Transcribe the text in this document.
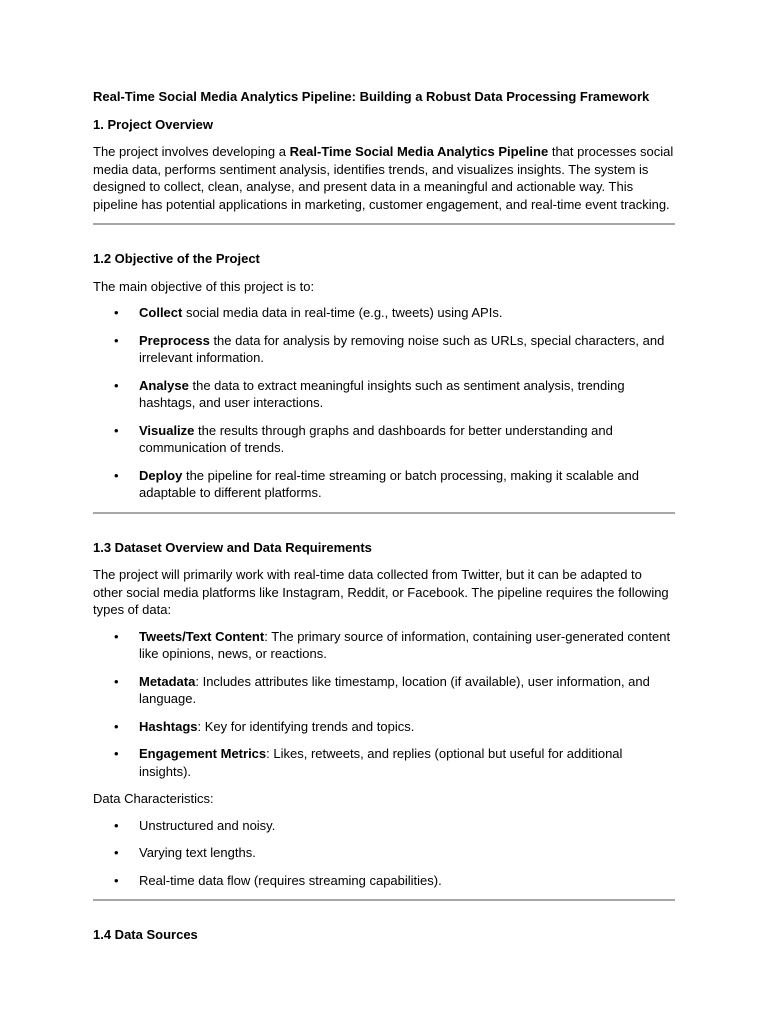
Real-Time Social Media Analytics Pipeline: Building a Robust Data Processing Framework

1. Project Overview

The project involves developing a Real-Time Social Media Analytics Pipeline that processes social media data, performs sentiment analysis, identifies trends, and visualizes insights. The system is designed to collect, clean, analyse, and present data in a meaningful and actionable way. This pipeline has potential applications in marketing, customer engagement, and real-time event tracking.

1.2 Objective of the Project

The main objective of this project is to:

• Collect social media data in real-time (e.g., tweets) using APIs.
• Preprocess the data for analysis by removing noise such as URLs, special characters, and irrelevant information.
• Analyse the data to extract meaningful insights such as sentiment analysis, trending hashtags, and user interactions.
• Visualize the results through graphs and dashboards for better understanding and communication of trends.
• Deploy the pipeline for real-time streaming or batch processing, making it scalable and adaptable to different platforms.

1.3 Dataset Overview and Data Requirements

The project will primarily work with real-time data collected from Twitter, but it can be adapted to other social media platforms like Instagram, Reddit, or Facebook. The pipeline requires the following types of data:

• Tweets/Text Content: The primary source of information, containing user-generated content like opinions, news, or reactions.
• Metadata: Includes attributes like timestamp, location (if available), user information, and language.
• Hashtags: Key for identifying trends and topics.
• Engagement Metrics: Likes, retweets, and replies (optional but useful for additional insights).

Data Characteristics:

• Unstructured and noisy.
• Varying text lengths.
• Real-time data flow (requires streaming capabilities).

1.4 Data Sources
